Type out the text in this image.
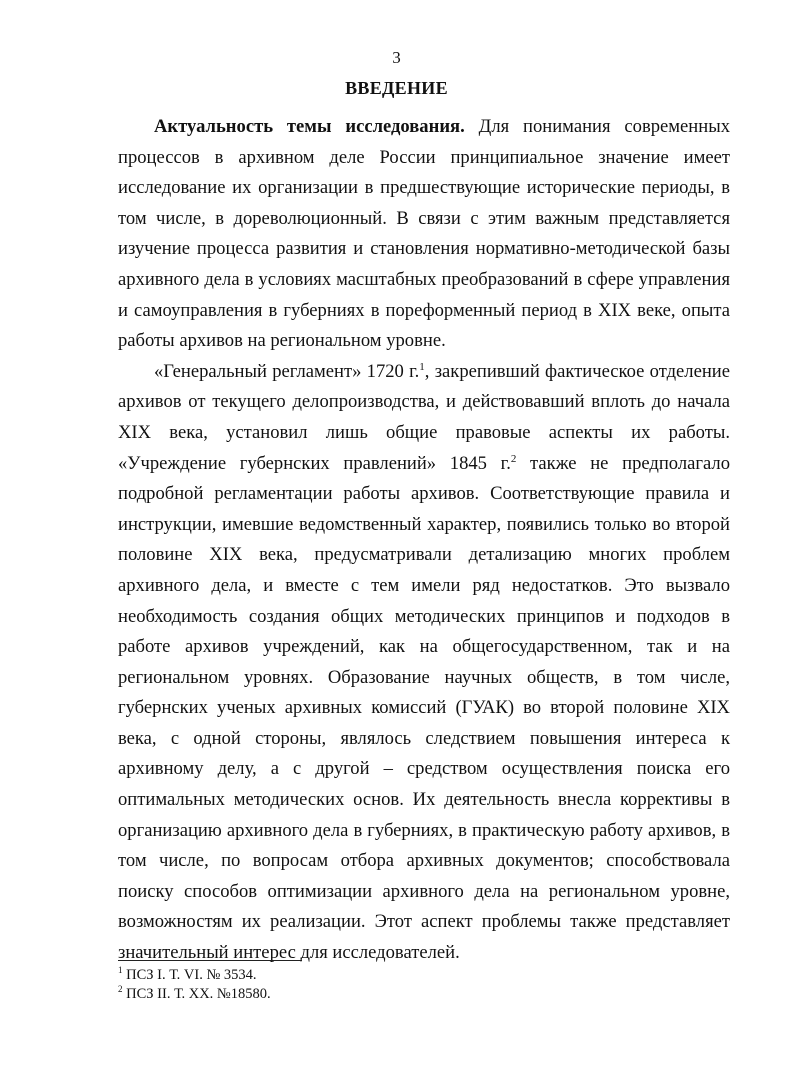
3
ВВЕДЕНИЕ

Актуальность темы исследования. Для понимания современных процессов в архивном деле России принципиальное значение имеет исследование их организации в предшествующие исторические периоды, в том числе, в дореволюционный. В связи с этим важным представляется изучение процесса развития и становления нормативно-методической базы архивного дела в условиях масштабных преобразований в сфере управления и самоуправления в губерниях в пореформенный период в XIX веке, опыта работы архивов на региональном уровне.

«Генеральный регламент» 1720 г.$^1$, закрепивший фактическое отделение архивов от текущего делопроизводства, и действовавший вплоть до начала XIX века, установил лишь общие правовые аспекты их работы. «Учреждение губернских правлений» 1845 г.$^2$ также не предполагало подробной регламентации работы архивов. Соответствующие правила и инструкции, имевшие ведомственный характер, появились только во второй половине XIX века, предусматривали детализацию многих проблем архивного дела, и вместе с тем имели ряд недостатков. Это вызвало необходимость создания общих методических принципов и подходов в работе архивов учреждений, как на общегосударственном, так и на региональном уровнях. Образование научных обществ, в том числе, губернских ученых архивных комиссий (ГУАК) во второй половине XIX века, с одной стороны, являлось следствием повышения интереса к архивному делу, а с другой – средством осуществления поиска его оптимальных методических основ. Их деятельность внесла коррективы в организацию архивного дела в губерниях, в практическую работу архивов, в том числе, по вопросам отбора архивных документов; способствовала поиску способов оптимизации архивного дела на региональном уровне, возможностям их реализации. Этот аспект проблемы также представляет значительный интерес для исследователей.

$^1$ ПСЗ I. Т. VI. № 3534.

$^2$ ПСЗ II. Т. XX. №18580.
